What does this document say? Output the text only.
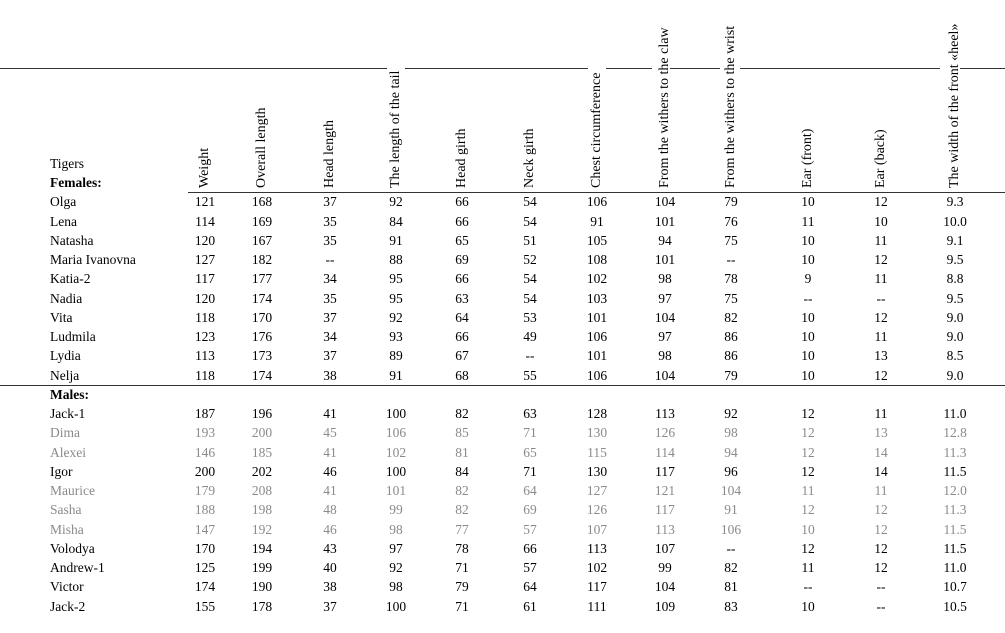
Tigers	Weight	Overall length	Head length	The length of the tail	Head girth	Neck girth	Chest circumference	From the withers to the claw	From the withers to the wrist	Ear (front)	Ear (back)	The width of the front «heel»
Females:
Olga	121	168	37	92	66	54	106	104	79	10	12	9.3
Lena	114	169	35	84	66	54	91	101	76	11	10	10.0
Natasha	120	167	35	91	65	51	105	94	75	10	11	9.1
Maria Ivanovna	127	182	--	88	69	52	108	101	--	10	12	9.5
Katia-2	117	177	34	95	66	54	102	98	78	9	11	8.8
Nadia	120	174	35	95	63	54	103	97	75	--	--	9.5
Vita	118	170	37	92	64	53	101	104	82	10	12	9.0
Ludmila	123	176	34	93	66	49	106	97	86	10	11	9.0
Lydia	113	173	37	89	67	--	101	98	86	10	13	8.5
Nelja	118	174	38	91	68	55	106	104	79	10	12	9.0
Males:
Jack-1	187	196	41	100	82	63	128	113	92	12	11	11.0
Dima	193	200	45	106	85	71	130	126	98	12	13	12.8
Alexei	146	185	41	102	81	65	115	114	94	12	14	11.3
Igor	200	202	46	100	84	71	130	117	96	12	14	11.5
Maurice	179	208	41	101	82	64	127	121	104	11	11	12.0
Sasha	188	198	48	99	82	69	126	117	91	12	12	11.3
Misha	147	192	46	98	77	57	107	113	106	10	12	11.5
Volodya	170	194	43	97	78	66	113	107	--	12	12	11.5
Andrew-1	125	199	40	92	71	57	102	99	82	11	12	11.0
Victor	174	190	38	98	79	64	117	104	81	--	--	10.7
Jack-2	155	178	37	100	71	61	111	109	83	10	--	10.5
